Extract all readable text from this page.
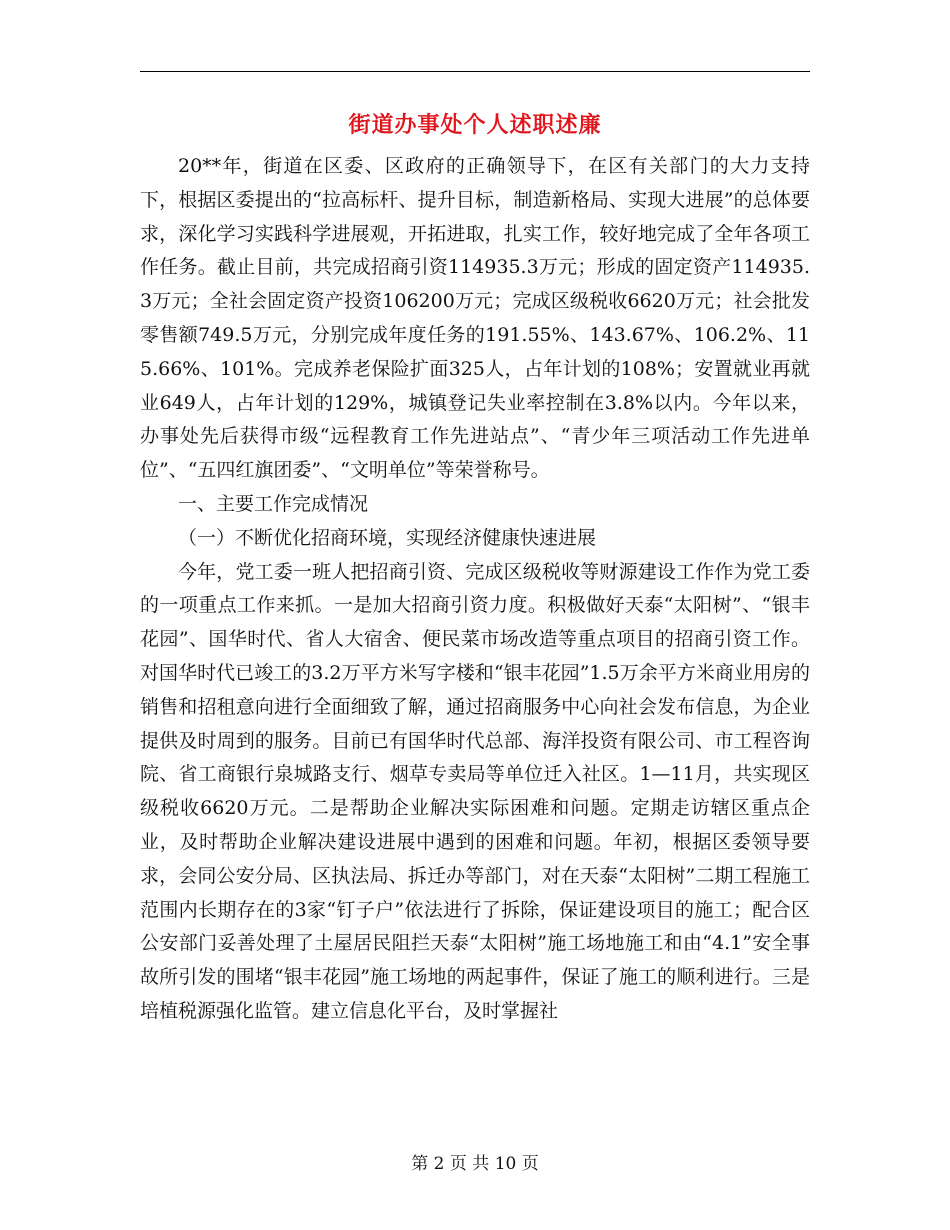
街道办事处个人述职述廉

20**年，街道在区委、区政府的正确领导下，在区有关部门的大力支持下，根据区委提出的“拉高标杆、提升目标，制造新格局、实现大进展”的总体要求，深化学习实践科学进展观，开拓进取，扎实工作，较好地完成了全年各项工作任务。截止目前，共完成招商引资114935.3万元；形成的固定资产114935.3万元；全社会固定资产投资106200万元；完成区级税收6620万元；社会批发零售额749.5万元，分别完成年度任务的191.55%、143.67%、106.2%、115.66%、101%。完成养老保险扩面325人，占年计划的108%；安置就业再就业649人，占年计划的129%，城镇登记失业率控制在3.8%以内。今年以来，办事处先后获得市级“远程教育工作先进站点”、“青少年三项活动工作先进单位”、“五四红旗团委”、“文明单位”等荣誉称号。

一、主要工作完成情况

（一）不断优化招商环境，实现经济健康快速进展

今年，党工委一班人把招商引资、完成区级税收等财源建设工作作为党工委的一项重点工作来抓。一是加大招商引资力度。积极做好天泰“太阳树”、“银丰花园”、国华时代、省人大宿舍、便民菜市场改造等重点项目的招商引资工作。对国华时代已竣工的3.2万平方米写字楼和“银丰花园”1.5万余平方米商业用房的销售和招租意向进行全面细致了解，通过招商服务中心向社会发布信息，为企业提供及时周到的服务。目前已有国华时代总部、海洋投资有限公司、市工程咨询院、省工商银行泉城路支行、烟草专卖局等单位迁入社区。1—11月，共实现区级税收6620万元。二是帮助企业解决实际困难和问题。定期走访辖区重点企业，及时帮助企业解决建设进展中遇到的困难和问题。年初，根据区委领导要求，会同公安分局、区执法局、拆迁办等部门，对在天泰“太阳树”二期工程施工范围内长期存在的3家“钉子户”依法进行了拆除，保证建设项目的施工；配合区公安部门妥善处理了土屋居民阻拦天泰“太阳树”施工场地施工和由“4.1”安全事故所引发的围堵“银丰花园”施工场地的两起事件，保证了施工的顺利进行。三是培植税源强化监管。建立信息化平台，及时掌握社

第 2 页 共 10 页
